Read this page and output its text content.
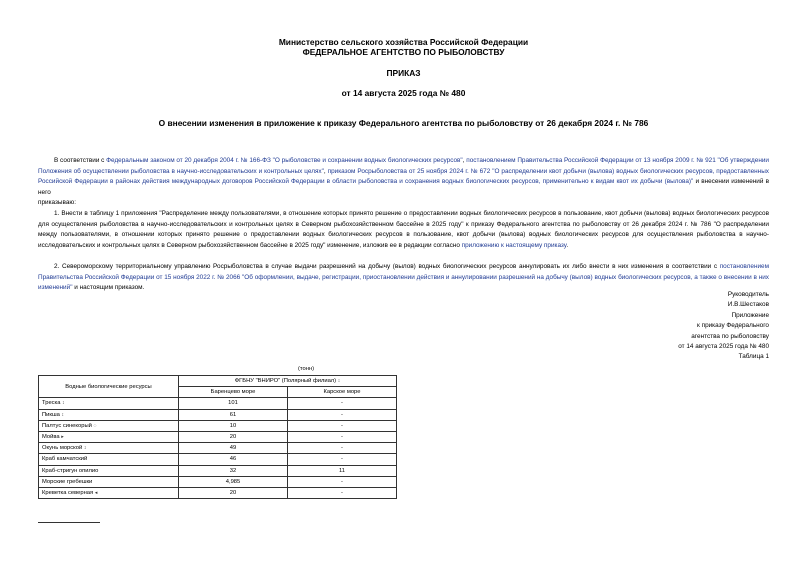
Министерство сельского хозяйства Российской Федерации
ФЕДЕРАЛЬНОЕ АГЕНТСТВО ПО РЫБОЛОВСТВУ
ПРИКАЗ
от 14 августа 2025 года № 480
О внесении изменения в приложение к приказу Федерального агентства по рыболовству от 26 декабря 2024 г. № 786

В соответствии с Федеральным законом от 20 декабря 2004 г. № 166-ФЗ "О рыболовстве и сохранении водных биологических ресурсов", постановлением Правительства Российской Федерации от 13 ноября 2009 г. № 921 "Об утверждении Положения об осуществлении рыболовства в научно-исследовательских и контрольных целях", приказом Росрыболовства от 25 ноября 2024 г. № 672 "О распределении квот добычи (вылова) водных биологических ресурсов, предоставленных Российской Федерации в районах действия международных договоров Российской Федерации в области рыболовства и сохранения водных биологических ресурсов, применительно к видам квот их добычи (вылова)" и внесении изменений в него

приказываю:

1. Внести в таблицу 1 приложения "Распределение между пользователями, в отношение которых принято решение о предоставлении водных биологических ресурсов в пользование, квот добычи (вылова) водных биологических ресурсов для осуществления рыболовства в научно-исследовательских и контрольных целях в Северном рыбохозяйственном бассейне в 2025 году" к приказу Федерального агентства по рыболовству от 26 декабря 2024 г. № 786 "О распределении между пользователями, в отношении которых принято решение о предоставлении водных биологических ресурсов в пользование, квот добычи (вылова) водных биологических ресурсов для осуществления рыболовства в научно-исследовательских и контрольных целях в Северном рыбохозяйственном бассейне в 2025 году" изменение, изложив ее в редакции согласно приложению к настоящему приказу.

2. Североморскому территориальному управлению Росрыболовства в случае выдачи разрешений на добычу (вылов) водных биологических ресурсов аннулировать их либо внести в них изменения в соответствии с постановлением Правительства Российской Федерации от 15 ноября 2022 г. № 2066 "Об оформлении, выдаче, регистрации, приостановлении действия и аннулировании разрешений на добычу (вылов) водных биологических ресурсов, а также о внесении в них изменений" и настоящим приказом.

Руководитель
И.В.Шестаков
Приложение
к приказу Федерального
агентства по рыболовству
от 14 августа 2025 года № 480
Таблица 1
(тонн)
Водные биологические ресурсы	ФГБНУ "ВНИРО" (Полярный филиал) ↕	
	Баренцево море	Карское море
Треска ↕	101	-
Пикша ↕	61	-
Палтус синекорый ◌	10	-
Мойва ▸	20	-
Окунь морской ↕	49	-
Краб камчатский	46	-
Краб-стригун опилио	32	11
Морские гребешки	4,985	-
Креветка северная ◂	20	-
